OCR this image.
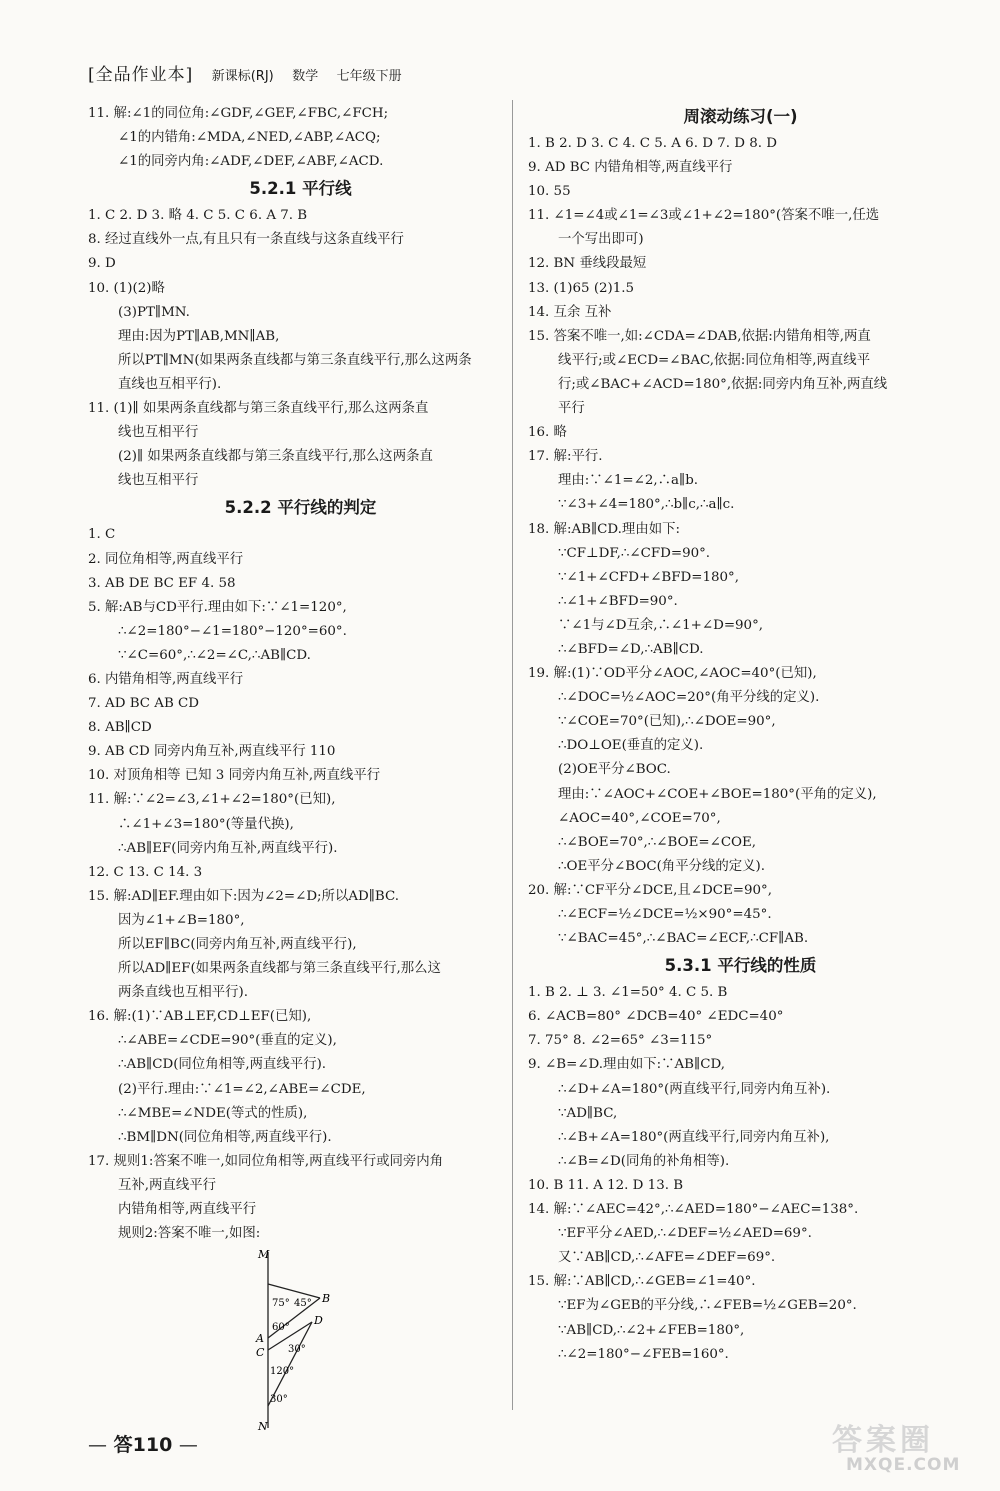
[全品作业本] 新课标(RJ) 数学 七年级下册
11. 解:∠1的同位角:∠GDF,∠GEF,∠FBC,∠FCH;
∠1的内错角:∠MDA,∠NED,∠ABP,∠ACQ;
∠1的同旁内角:∠ADF,∠DEF,∠ABF,∠ACD.
5.2.1 平行线
1. C 2. D 3. 略 4. C 5. C 6. A 7. B
8. 经过直线外一点,有且只有一条直线与这条直线平行
9. D
10. (1)(2)略
(3)PT∥MN.
理由:因为PT∥AB,MN∥AB,
所以PT∥MN(如果两条直线都与第三条直线平行,那么这两条
直线也互相平行).
11. (1)∥ 如果两条直线都与第三条直线平行,那么这两条直
线也互相平行
(2)∥ 如果两条直线都与第三条直线平行,那么这两条直
线也互相平行
5.2.2 平行线的判定
1. C
2. 同位角相等,两直线平行
3. AB DE BC EF 4. 58
5. 解:AB与CD平行.理由如下:∵∠1=120°,
∴∠2=180°−∠1=180°−120°=60°.
∵∠C=60°,∴∠2=∠C,∴AB∥CD.
6. 内错角相等,两直线平行
7. AD BC AB CD
8. AB∥CD
9. AB CD 同旁内角互补,两直线平行 110
10. 对顶角相等 已知 3 同旁内角互补,两直线平行
11. 解:∵∠2=∠3,∠1+∠2=180°(已知),
∴∠1+∠3=180°(等量代换),
∴AB∥EF(同旁内角互补,两直线平行).
12. C 13. C 14. 3
15. 解:AD∥EF.理由如下:因为∠2=∠D;所以AD∥BC.
因为∠1+∠B=180°,
所以EF∥BC(同旁内角互补,两直线平行),
所以AD∥EF(如果两条直线都与第三条直线平行,那么这
两条直线也互相平行).
16. 解:(1)∵AB⊥EF,CD⊥EF(已知),
∴∠ABE=∠CDE=90°(垂直的定义),
∴AB∥CD(同位角相等,两直线平行).
(2)平行.理由:∵∠1=∠2,∠ABE=∠CDE,
∴∠MBE=∠NDE(等式的性质),
∴BM∥DN(同位角相等,两直线平行).
17. 规则1:答案不唯一,如同位角相等,两直线平行或同旁内角
互补,两直线平行
内错角相等,两直线平行
规则2:答案不唯一,如图:
M
B
D
A
C
N
75° 45°
60°
30°
120°
30°
周滚动练习(一)
1. B 2. D 3. C 4. C 5. A 6. D 7. D 8. D
9. AD BC 内错角相等,两直线平行
10. 55
11. ∠1=∠4或∠1=∠3或∠1+∠2=180°(答案不唯一,任选
一个写出即可)
12. BN 垂线段最短
13. (1)65 (2)1.5
14. 互余 互补
15. 答案不唯一,如:∠CDA=∠DAB,依据:内错角相等,两直
线平行;或∠ECD=∠BAC,依据:同位角相等,两直线平
行;或∠BAC+∠ACD=180°,依据:同旁内角互补,两直线
平行
16. 略
17. 解:平行.
理由:∵∠1=∠2,∴a∥b.
∵∠3+∠4=180°,∴b∥c,∴a∥c.
18. 解:AB∥CD.理由如下:
∵CF⊥DF,∴∠CFD=90°.
∵∠1+∠CFD+∠BFD=180°,
∴∠1+∠BFD=90°.
∵∠1与∠D互余,∴∠1+∠D=90°,
∴∠BFD=∠D,∴AB∥CD.
19. 解:(1)∵OD平分∠AOC,∠AOC=40°(已知),
∴∠DOC=½∠AOC=20°(角平分线的定义).
∵∠COE=70°(已知),∴∠DOE=90°,
∴DO⊥OE(垂直的定义).
(2)OE平分∠BOC.
理由:∵∠AOC+∠COE+∠BOE=180°(平角的定义),
∠AOC=40°,∠COE=70°,
∴∠BOE=70°,∴∠BOE=∠COE,
∴OE平分∠BOC(角平分线的定义).
20. 解:∵CF平分∠DCE,且∠DCE=90°,
∴∠ECF=½∠DCE=½×90°=45°.
∵∠BAC=45°,∴∠BAC=∠ECF,∴CF∥AB.
5.3.1 平行线的性质
1. B 2. ⊥ 3. ∠1=50° 4. C 5. B
6. ∠ACB=80° ∠DCB=40° ∠EDC=40°
7. 75° 8. ∠2=65° ∠3=115°
9. ∠B=∠D.理由如下:∵AB∥CD,
∴∠D+∠A=180°(两直线平行,同旁内角互补).
∵AD∥BC,
∴∠B+∠A=180°(两直线平行,同旁内角互补),
∴∠B=∠D(同角的补角相等).
10. B 11. A 12. D 13. B
14. 解:∵∠AEC=42°,∴∠AED=180°−∠AEC=138°.
∵EF平分∠AED,∴∠DEF=½∠AED=69°.
又∵AB∥CD,∴∠AFE=∠DEF=69°.
15. 解:∵AB∥CD,∴∠GEB=∠1=40°.
∵EF为∠GEB的平分线,∴∠FEB=½∠GEB=20°.
∵AB∥CD,∴∠2+∠FEB=180°,
∴∠2=180°−∠FEB=160°.
— 答110 —	答案圈
MXQE.COM
